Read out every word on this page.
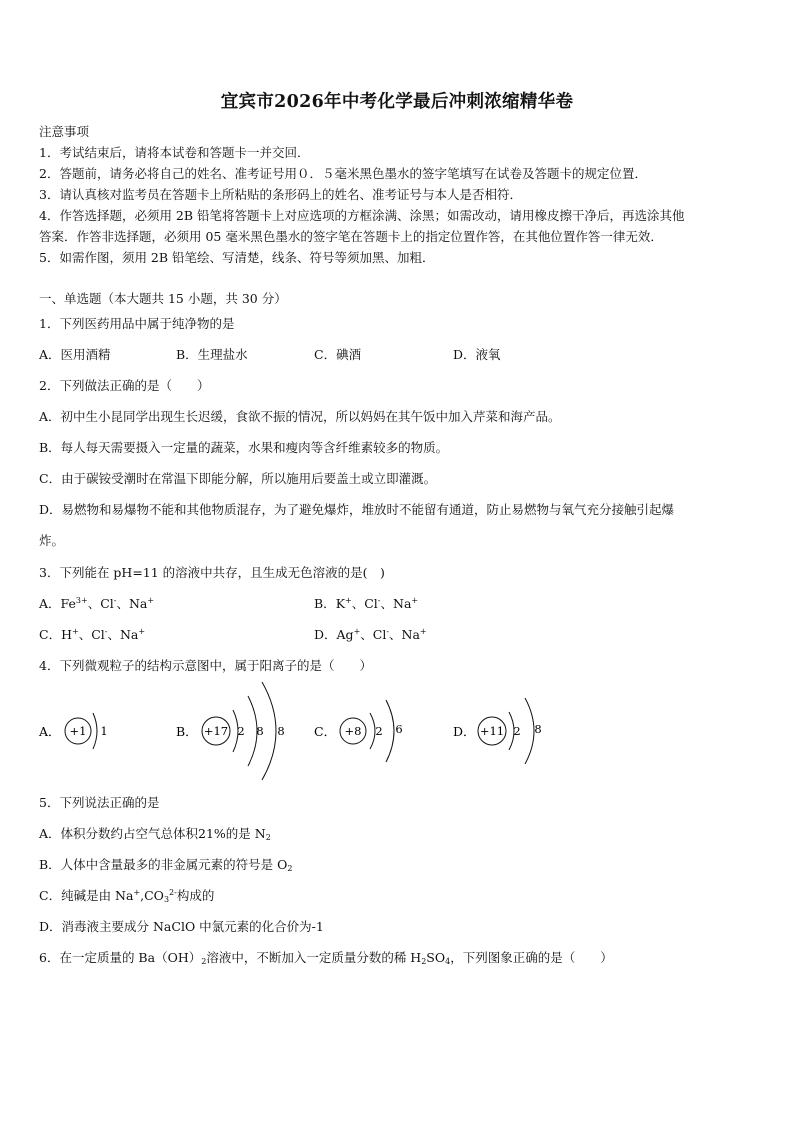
宜宾市2026年中考化学最后冲刺浓缩精华卷
注意事项
1．考试结束后，请将本试卷和答题卡一并交回．
2．答题前，请务必将自己的姓名、准考证号用０．５毫米黑色墨水的签字笔填写在试卷及答题卡的规定位置．
3．请认真核对监考员在答题卡上所粘贴的条形码上的姓名、准考证号与本人是否相符．
4．作答选择题，必须用 2B 铅笔将答题卡上对应选项的方框涂满、涂黑；如需改动，请用橡皮擦干净后，再选涂其他
答案．作答非选择题，必须用 05 毫米黑色墨水的签字笔在答题卡上的指定位置作答，在其他位置作答一律无效．
5．如需作图，须用 2B 铅笔绘、写清楚，线条、符号等须加黑、加粗．
一、单选题（本大题共 15 小题，共 30 分）
1．下列医药用品中属于纯净物的是
A．医用酒精	B．生理盐水	C．碘酒	D．液氧
2．下列做法正确的是（　　）
A．初中生小昆同学出现生长迟缓，食欲不振的情况，所以妈妈在其午饭中加入芹菜和海产品。
B．每人每天需要摄入一定量的蔬菜，水果和瘦肉等含纤维素较多的物质。
C．由于碳铵受潮时在常温下即能分解，所以施用后要盖土或立即灌溉。
D．易燃物和易爆物不能和其他物质混存，为了避免爆炸，堆放时不能留有通道，防止易燃物与氧气充分接触引起爆
炸。
3．下列能在 pH=11 的溶液中共存，且生成无色溶液的是(　)
A．$Fe^{3+}$、Cl-、Na+	B．K+、Cl-、Na+
C．H+、Cl-、Na+	D．Ag+、Cl-、Na+
4．下列微观粒子的结构示意图中，属于阳离子的是（　　）
A． +1 1	B． +17 2 8 8 C． +8 2 6	D． +11 2 8
5．下列说法正确的是
A．体积分数约占空气总体积21%的是 $N_2$
B．人体中含量最多的非金属元素的符号是 $O_2$
C．纯碱是由 $Na^+,CO_3^{2-}$构成的
D．消毒液主要成分 NaClO 中氯元素的化合价为-1
6．在一定质量的 $Ba(OH)_2$溶液中，不断加入一定质量分数的稀 $H_2SO_4$，下列图象正确的是（　　）
